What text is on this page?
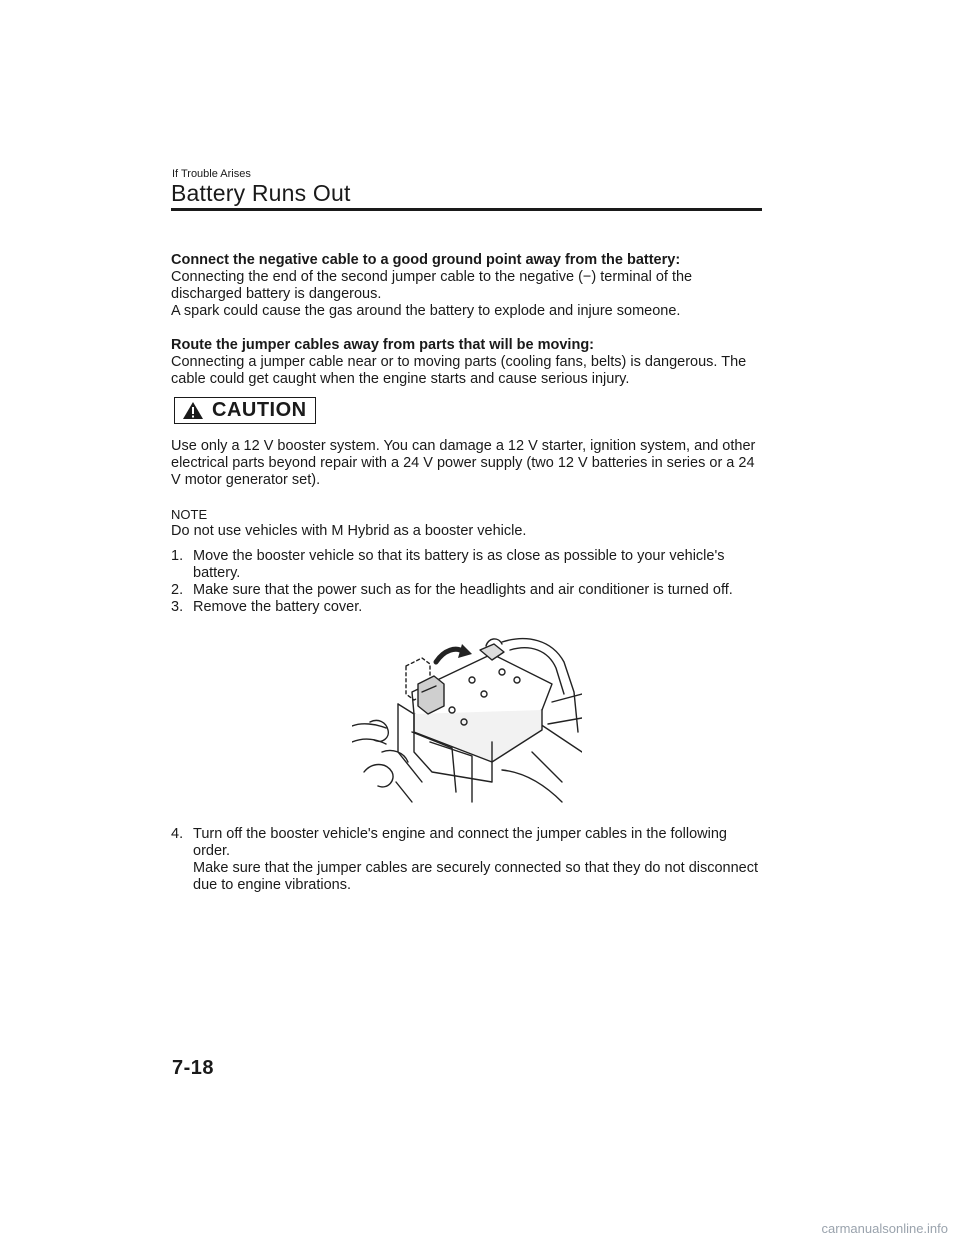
If Trouble Arises
Battery Runs Out

Connect the negative cable to a good ground point away from the battery:

Connecting the end of the second jumper cable to the negative (−) terminal of the discharged battery is dangerous.

A spark could cause the gas around the battery to explode and injure someone.

Route the jumper cables away from parts that will be moving:

Connecting a jumper cable near or to moving parts (cooling fans, belts) is dangerous. The cable could get caught when the engine starts and cause serious injury.

CAUTION

Use only a 12 V booster system. You can damage a 12 V starter, ignition system, and other electrical parts beyond repair with a 24 V power supply (two 12 V batteries in series or a 24 V motor generator set).

NOTE

Do not use vehicles with M Hybrid as a booster vehicle.

1. Move the booster vehicle so that its battery is as close as possible to your vehicle's battery.
2. Make sure that the power such as for the headlights and air conditioner is turned off.
3. Remove the battery cover.
4. Turn off the booster vehicle's engine and connect the jumper cables in the following order.
Make sure that the jumper cables are securely connected so that they do not disconnect due to engine vibrations.
7-18
carmanualsonline.info
